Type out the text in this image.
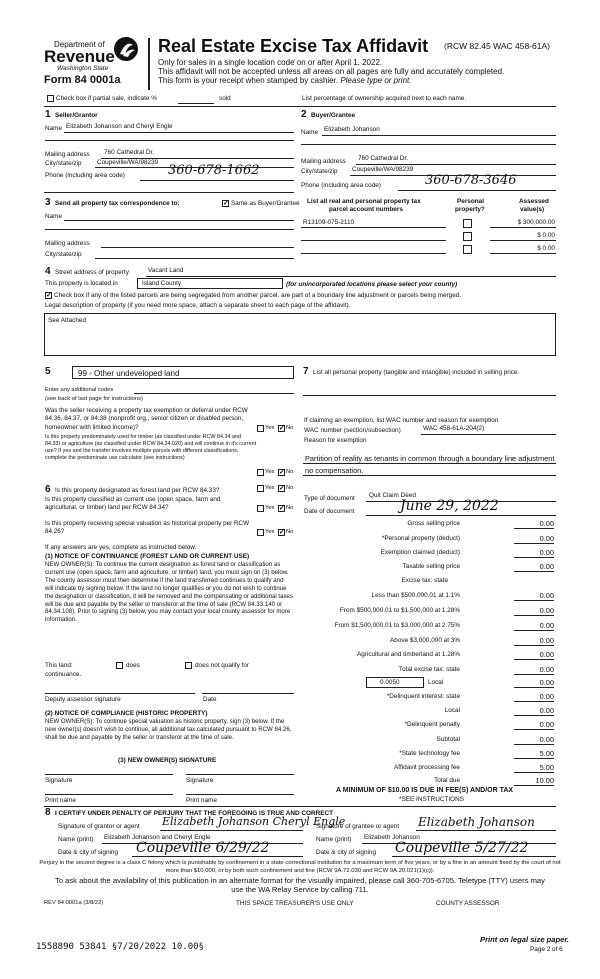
Department of
Revenue
Washington State
Form 84 0001a
Real Estate Excise Tax Affidavit (RCW 82.45 WAC 458-61A)
Only for sales in a single location code on or after April 1, 2022.
This affidavit will not be accepted unless all areas on all pages are fully and accurately completed.
This form is your receipt when stamped by cashier. Please type or print.
Check box if partial sale, indicate %	sold	List percentage of ownership acquired next to each name.
1 Seller/Grantor
Name Elizabeth Johanson and Cheryl Engle
Mailing address 760 Cathedral Dr.
City/state/zip Coupeville/WA/98239
Phone (including area code)	360-678-1662
2 Buyer/Grantee
Name Elizabeth Johanson
Mailing address 760 Cathedral Dr.
City/state/zip Coupeville/WA/98239
Phone (including area code)	360-678-3646
3 Send all property tax correspondence to:	✓ Same as Buyer/Grantee
Name
Mailing address
City/state/zip
List all real and personal property tax
parcel account numbers
Personal
property?
Assessed
value(s)
R13109-075-2110	$ 300,000.00
$ 0.00
$ 0.00
4 Street address of property	Vacant Land
This property is located in	Island County	(for unincorporated locations please select your county)
✓ Check box if any of the listed parcels are being segregated from another parcel, are part of a boundary line adjustment or parcels being merged.
Legal description of property (if you need more space, attach a separate sheet to each page of the affidavit).
See Attached
5	99 - Other undeveloped land
Enter any additional codes
(see back of last page for instructions)
Was the seller receiving a property tax exemption or deferral under RCW 84.36, 84.37, or 84.38 (nonprofit org., senior citizen or disabled person, homeowner with limited income)?	Yes ✓ No
Is this property predominately used for timber (as classified under RCW 84.34 and 84.33) or agriculture (as classified under RCW 84.34.020) and will continue in it's current use? If yes and the transfer involves multiple parcels with different classifications, complete the predominate use calculator (see instructions)
Yes ✓ No
6 Is this property designated as forest land per RCW 84.33?	Yes ✓ No
Is this property classified as current use (open space, farm and agricultural, or timber) land per RCW 84.34?	Yes ✓ No
Is this property receiving special valuation as historical property per RCW 84.26?	Yes ✓ No
If any answers are yes, complete as instructed below.
(1) NOTICE OF CONTINUANCE (FOREST LAND OR CURRENT USE)
NEW OWNER(S): To continue the current designation as forest land or classification as current use (open space, farm and agriculture, or timber) land, you must sign on (3) below. The county assessor must then determine if the land transferred continues to qualify and will indicate by signing below. If the land no longer qualifies or you do not wish to continue the designation or classification, it will be removed and the compensating or additional taxes will be due and payable by the seller or transferor at the time of sale (RCW 84.33.140 or 84.34.108). Prior to signing (3) below, you may contact your local county assessor for more information.
This land:	does	does not qualify for
continuance.
Deputy assessor signature	Date
(2) NOTICE OF COMPLIANCE (HISTORIC PROPERTY)
NEW OWNER(S): To continue special valuation as historic property, sign (3) below. If the new owner(s) doesn't wish to continue, all additional tax calculated pursuant to RCW 84.26, shall be due and payable by the seller or transferor at the time of sale.
(3) NEW OWNER(S) SIGNATURE
Signature	Signature
Print name	Print name
7 List all personal property (tangible and intangible) included in selling price.
If claiming an exemption, list WAC number and reason for exemption
WAC number (section/subsection)	WAC 458-61A-204(2)
Reason for exemption
Partition of reality as tenants in common through a boundary line adjustment no compensation.
Type of document Quit Claim Deed
Date of document	June 29, 2022
Gross selling price	0.00
*Personal property (deduct)	0.00
Exemption claimed (deduct)	0.00
Taxable selling price	0.00
Excise tax: state
Less than $500,000.01 at 1.1%	0.00
From $500,000.01 to $1,500,000 at 1.28%	0.00
From $1,500,000.01 to $3,000,000 at 2.75%	0.00
Above $3,000,000 at 3%	0.00
Agricultural and timberland at 1.28%	0.00
Total excise tax: state	0.00
0.0050	Local	0.00
*Delinquent interest: state	0.00
Local	0.00
*Delinquent penalty	0.00
Subtotal	0.00
*State technology fee	5.00
Affidavit processing fee	5.00
Total due	10.00
A MINIMUM OF $10.00 IS DUE IN FEE(S) AND/OR TAX
*SEE INSTRUCTIONS
8 I CERTIFY UNDER PENALTY OF PERJURY THAT THE FOREGOING IS TRUE AND CORRECT
Signature of grantor or agent Elizabeth Johanson Cheryl Engle
Name (print) Elizabeth Johanson and Cheryl Engle
Date & city of signing Coupeville 6/29/22
Signature of grantee or agent Elizabeth Johanson
Name (print) Elizabeth Johanson
Date & city of signing Coupeville 5/27/22
Perjury in the second degree is a class C felony which is punishable by confinement in a state correctional institution for a maximum term of five years, or by a fine in an amount fixed by the court of not more than $10,000, or by both such confinement and fine (RCW 9A.72.030 and RCW 9A.20.021(1)(c)).
To ask about the availability of this publication in an alternate format for the visually impaired, please call 360-705-6705. Teletype (TTY) users may use the WA Relay Service by calling 711.
REV 84 0001a (3/8/22)	THIS SPACE TREASURER'S USE ONLY	COUNTY ASSESSOR
1558890 53841 §7/20/2022 10.00§
Print on legal size paper.
Page 2 of 6
